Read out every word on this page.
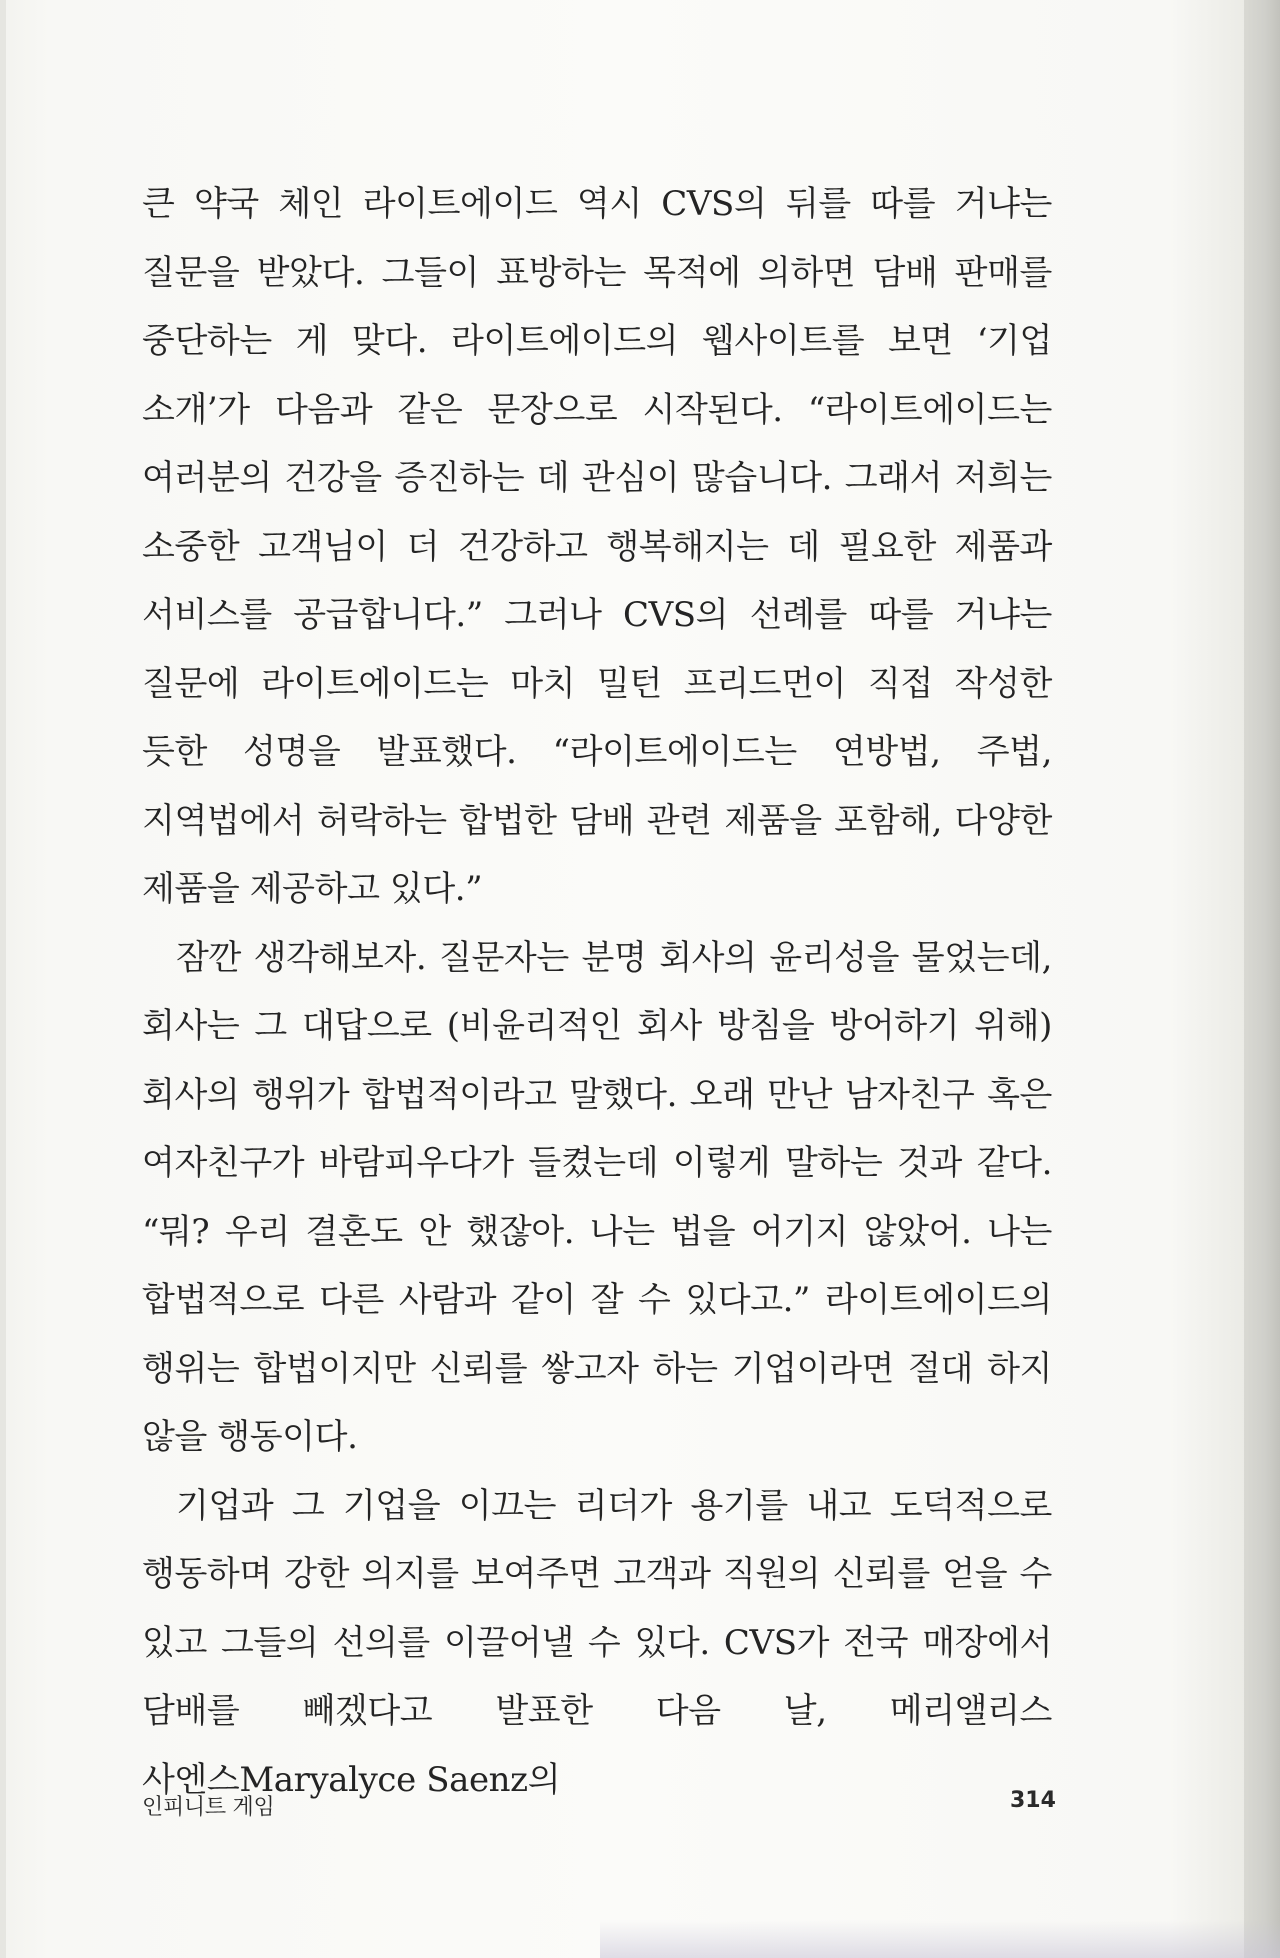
큰 약국 체인 라이트에이드 역시 CVS의 뒤를 따를 거냐는 질문을 받았다. 그들이 표방하는 목적에 의하면 담배 판매를 중단하는 게 맞다. 라이트에이드의 웹사이트를 보면 ‘기업 소개’가 다음과 같은 문장으로 시작된다. “라이트에이드는 여러분의 건강을 증진하는 데 관심이 많습니다. 그래서 저희는 소중한 고객님이 더 건강하고 행복해지는 데 필요한 제품과 서비스를 공급합니다.” 그러나 CVS의 선례를 따를 거냐는 질문에 라이트에이드는 마치 밀턴 프리드먼이 직접 작성한 듯한 성명을 발표했다. “라이트에이드는 연방법, 주법, 지역법에서 허락하는 합법한 담배 관련 제품을 포함해, 다양한 제품을 제공하고 있다.”

잠깐 생각해보자. 질문자는 분명 회사의 윤리성을 물었는데, 회사는 그 대답으로 (비윤리적인 회사 방침을 방어하기 위해) 회사의 행위가 합법적이라고 말했다. 오래 만난 남자친구 혹은 여자친구가 바람피우다가 들켰는데 이렇게 말하는 것과 같다. “뭐? 우리 결혼도 안 했잖아. 나는 법을 어기지 않았어. 나는 합법적으로 다른 사람과 같이 잘 수 있다고.” 라이트에이드의 행위는 합법이지만 신뢰를 쌓고자 하는 기업이라면 절대 하지 않을 행동이다.

기업과 그 기업을 이끄는 리더가 용기를 내고 도덕적으로 행동하며 강한 의지를 보여주면 고객과 직원의 신뢰를 얻을 수 있고 그들의 선의를 이끌어낼 수 있다. CVS가 전국 매장에서 담배를 빼겠다고 발표한 다음 날, 메리앨리스 사엔스Maryalyce Saenz의

인피니트 게임	314
